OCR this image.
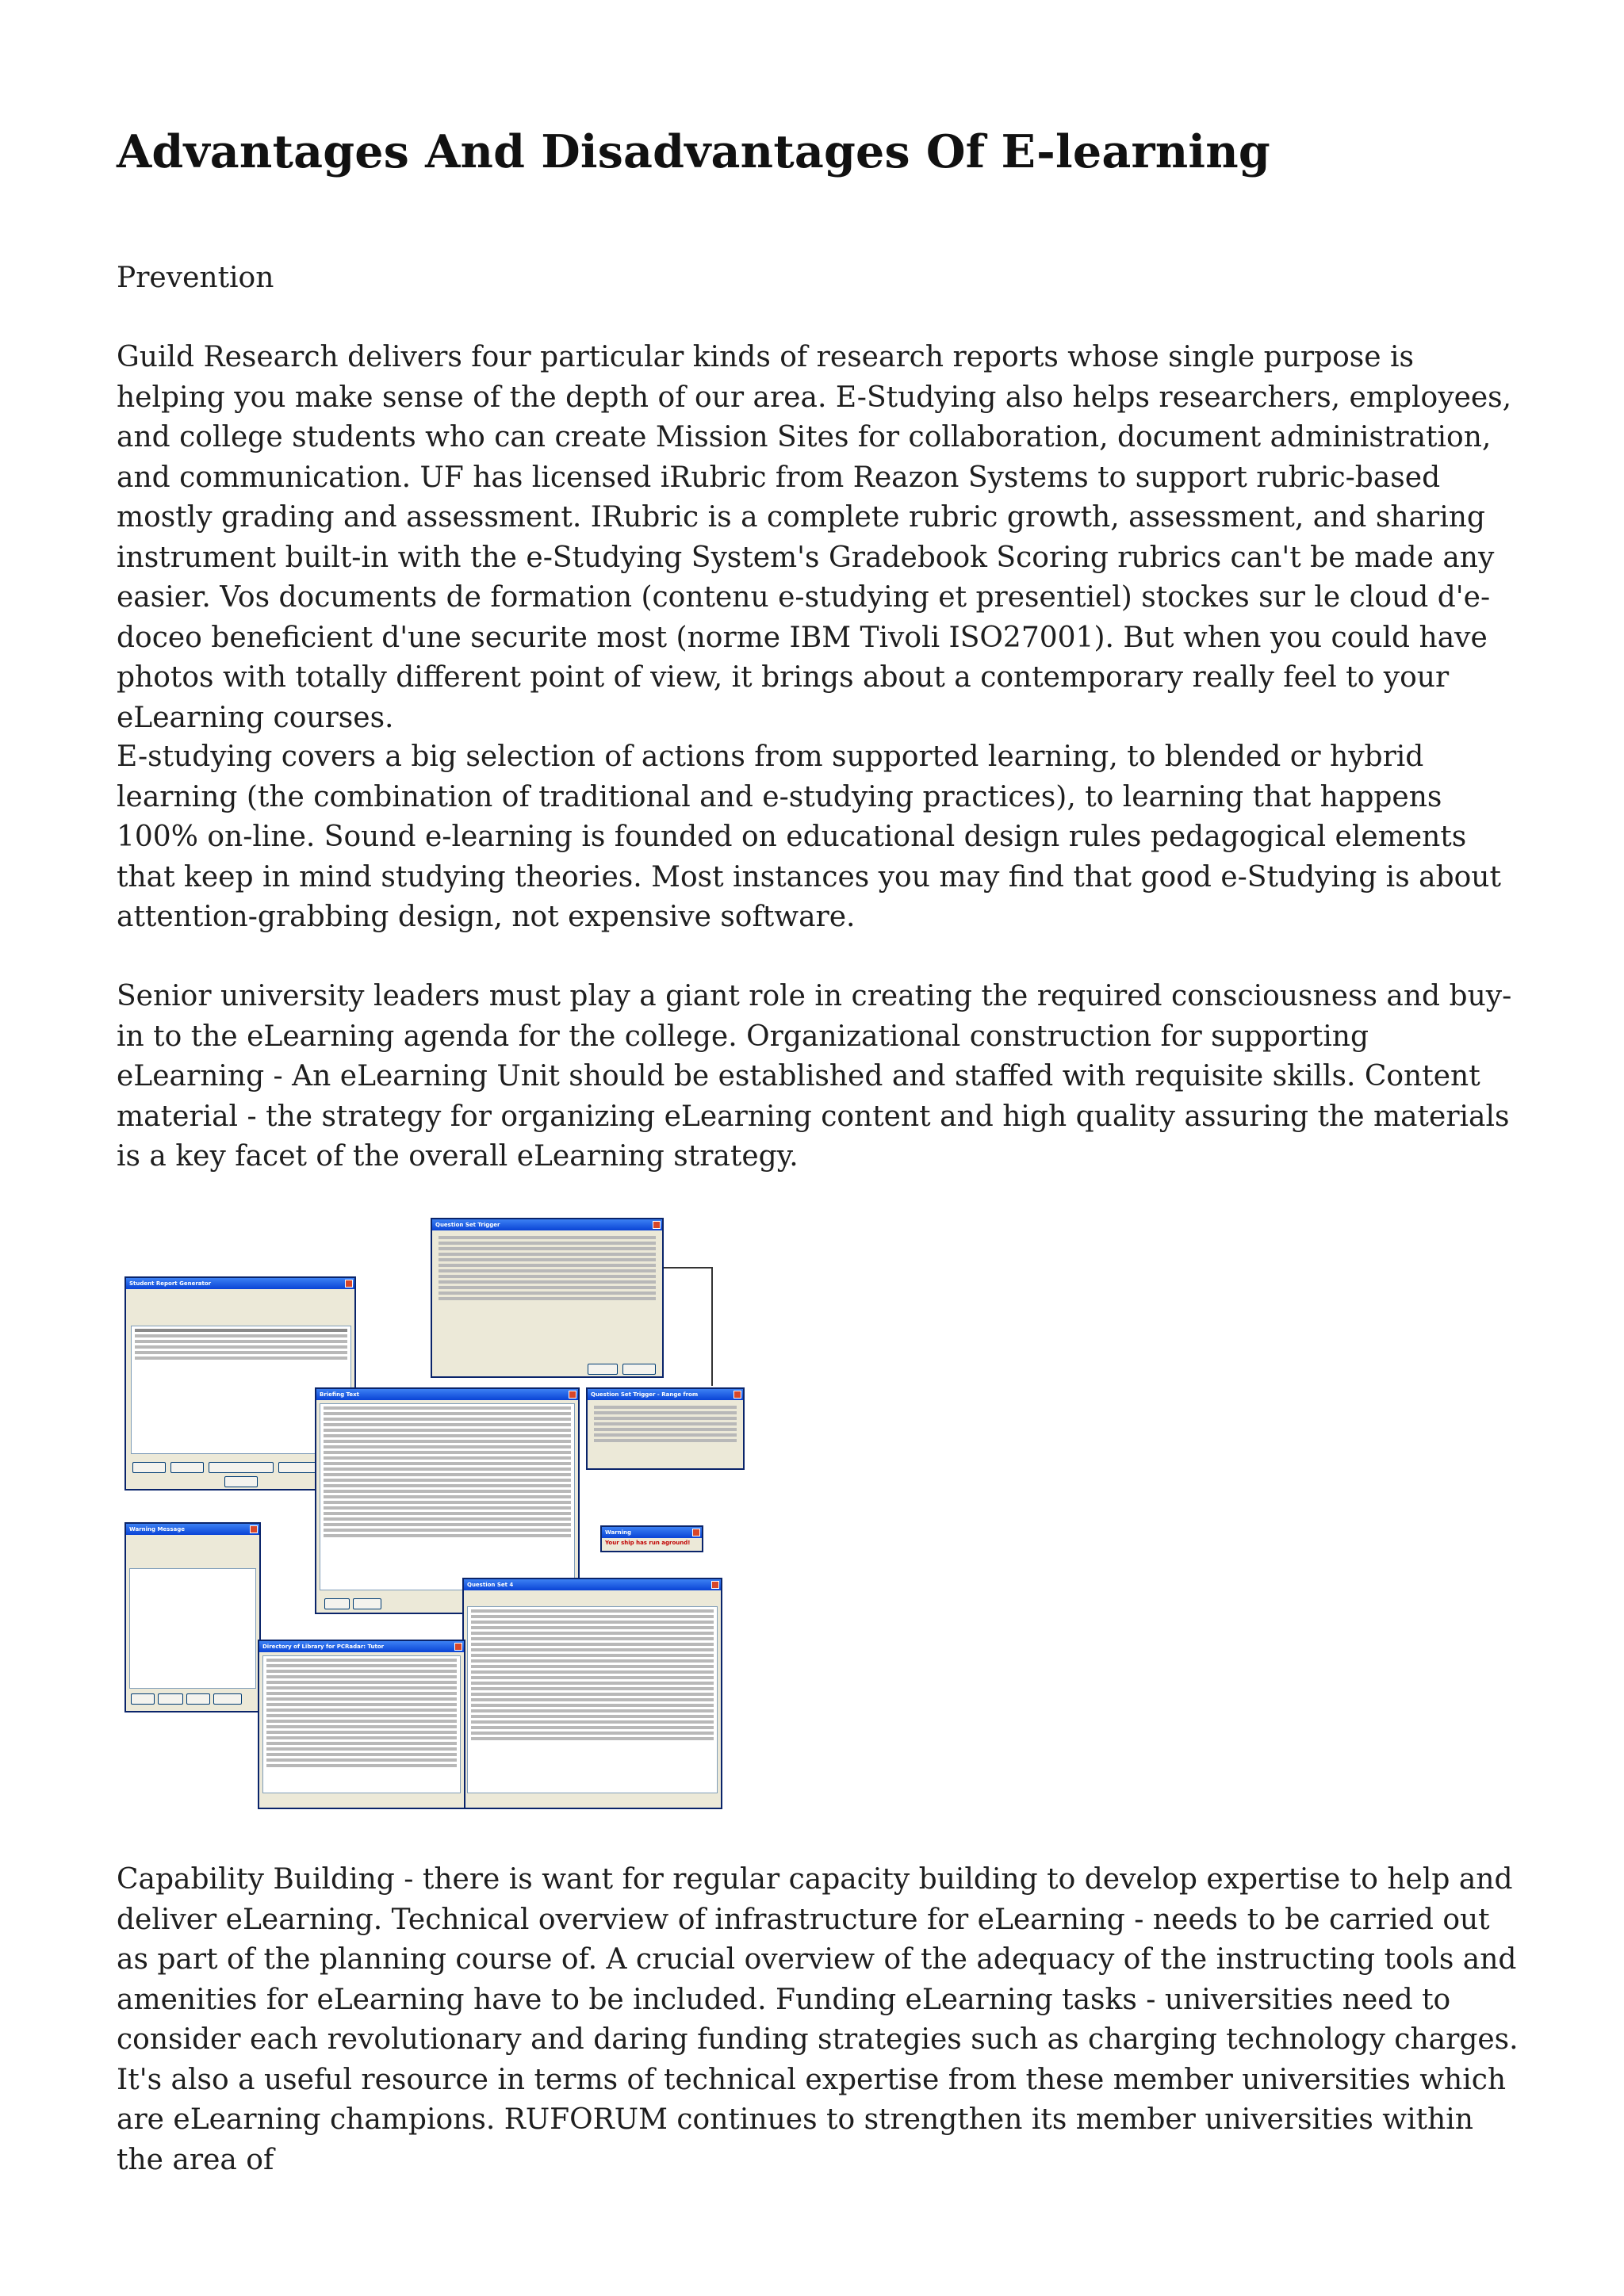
Advantages And Disadvantages Of E-learning

Prevention

Guild Research delivers four particular kinds of research reports whose single purpose is helping you make sense of the depth of our area. E-Studying also helps researchers, employees, and college students who can create Mission Sites for collaboration, document administration, and communication. UF has licensed iRubric from Reazon Systems to support rubric-based mostly grading and assessment. IRubric is a complete rubric growth, assessment, and sharing instrument built-in with the e-Studying System's Gradebook Scoring rubrics can't be made any easier. Vos documents de formation (contenu e-studying et presentiel) stockes sur le cloud d'e-doceo beneficient d'une securite most (norme IBM Tivoli ISO27001). But when you could have photos with totally different point of view, it brings about a contemporary really feel to your eLearning courses.

E-studying covers a big selection of actions from supported learning, to blended or hybrid learning (the combination of traditional and e-studying practices), to learning that happens 100% on-line. Sound e-learning is founded on educational design rules pedagogical elements that keep in mind studying theories. Most instances you may find that good e-Studying is about attention-grabbing design, not expensive software.

Senior university leaders must play a giant role in creating the required consciousness and buy-in to the eLearning agenda for the college. Organizational construction for supporting eLearning - An eLearning Unit should be established and staffed with requisite skills. Content material - the strategy for organizing eLearning content and high quality assuring the materials is a key facet of the overall eLearning strategy.

Student Report Generator
Question Set Trigger
Briefing Text	Question Set Trigger - Range from
Warning
Your ship has run aground!
Warning Message
Question Set 4
Directory of Library for PCRadar: Tutor

Capability Building - there is want for regular capacity building to develop expertise to help and deliver eLearning. Technical overview of infrastructure for eLearning - needs to be carried out as part of the planning course of. A crucial overview of the adequacy of the instructing tools and amenities for eLearning have to be included. Funding eLearning tasks - universities need to consider each revolutionary and daring funding strategies such as charging technology charges. It's also a useful resource in terms of technical expertise from these member universities which are eLearning champions. RUFORUM continues to strengthen its member universities within the area of
